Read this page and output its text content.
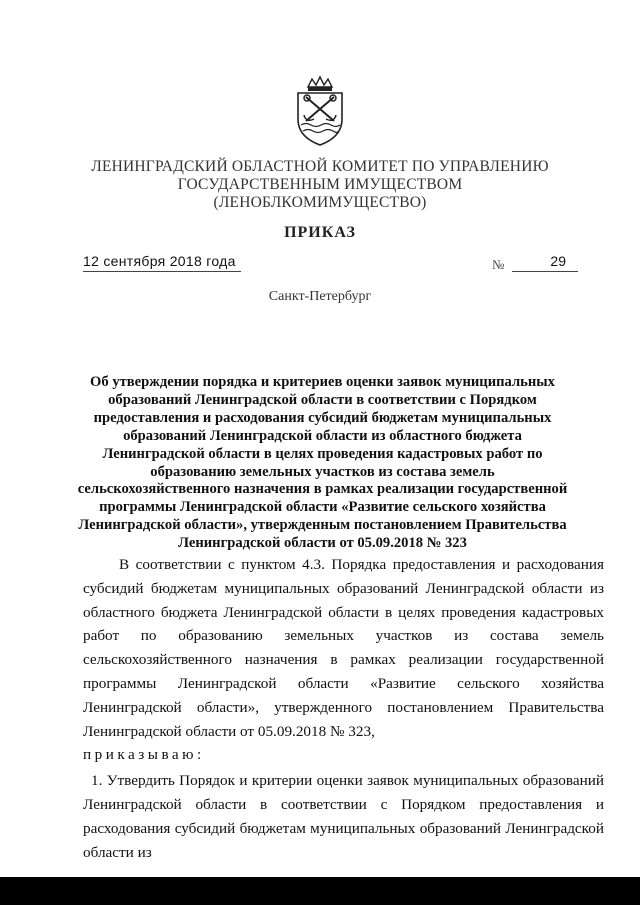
ЛЕНИНГРАДСКИЙ ОБЛАСТНОЙ КОМИТЕТ ПО УПРАВЛЕНИЮ
ГОСУДАРСТВЕННЫМ ИМУЩЕСТВОМ
(ЛЕНОБЛКОМИМУЩЕСТВО)
ПРИКАЗ
12 сентября 2018 года	№	29
Санкт-Петербург
Об утверждении порядка и критериев оценки заявок муниципальных образований Ленинградской области в соответствии с Порядком предоставления и расходования субсидий бюджетам муниципальных образований Ленинградской области из областного бюджета Ленинградской области в целях проведения кадастровых работ по образованию земельных участков из состава земель сельскохозяйственного назначения в рамках реализации государственной программы Ленинградской области «Развитие сельского хозяйства Ленинградской области», утвержденным постановлением Правительства Ленинградской области от 05.09.2018 № 323

В соответствии с пунктом 4.3. Порядка предоставления и расходования субсидий бюджетам муниципальных образований Ленинградской области из областного бюджета Ленинградской области в целях проведения кадастровых работ по образованию земельных участков из состава земель сельскохозяйственного назначения в рамках реализации государственной программы Ленинградской области «Развитие сельского хозяйства Ленинградской области», утвержденного постановлением Правительства Ленинградской области от 05.09.2018 № 323,

приказываю:

1. Утвердить Порядок и критерии оценки заявок муниципальных образований Ленинградской области в соответствии с Порядком предоставления и расходования субсидий бюджетам муниципальных образований Ленинградской области из
